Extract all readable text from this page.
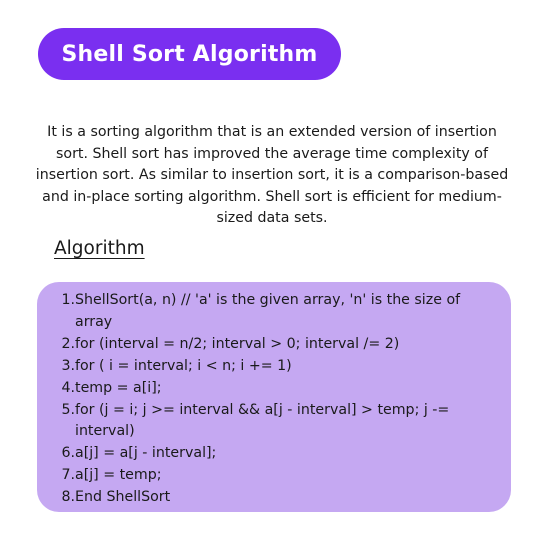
Shell Sort Algorithm

It is a sorting algorithm that is an extended version of insertion sort. Shell sort has improved the average time complexity of insertion sort. As similar to insertion sort, it is a comparison-based and in-place sorting algorithm. Shell sort is efficient for medium-sized data sets.

Algorithm
1. ShellSort(a, n) // 'a' is the given array, 'n' is the size of array
2. for (interval = n/2; interval > 0; interval /= 2)
3. for ( i = interval; i < n; i += 1)
4. temp = a[i];
5. for (j = i; j >= interval && a[j - interval] > temp; j -= interval)
6. a[j] = a[j - interval];
7. a[j] = temp;
8. End ShellSort
